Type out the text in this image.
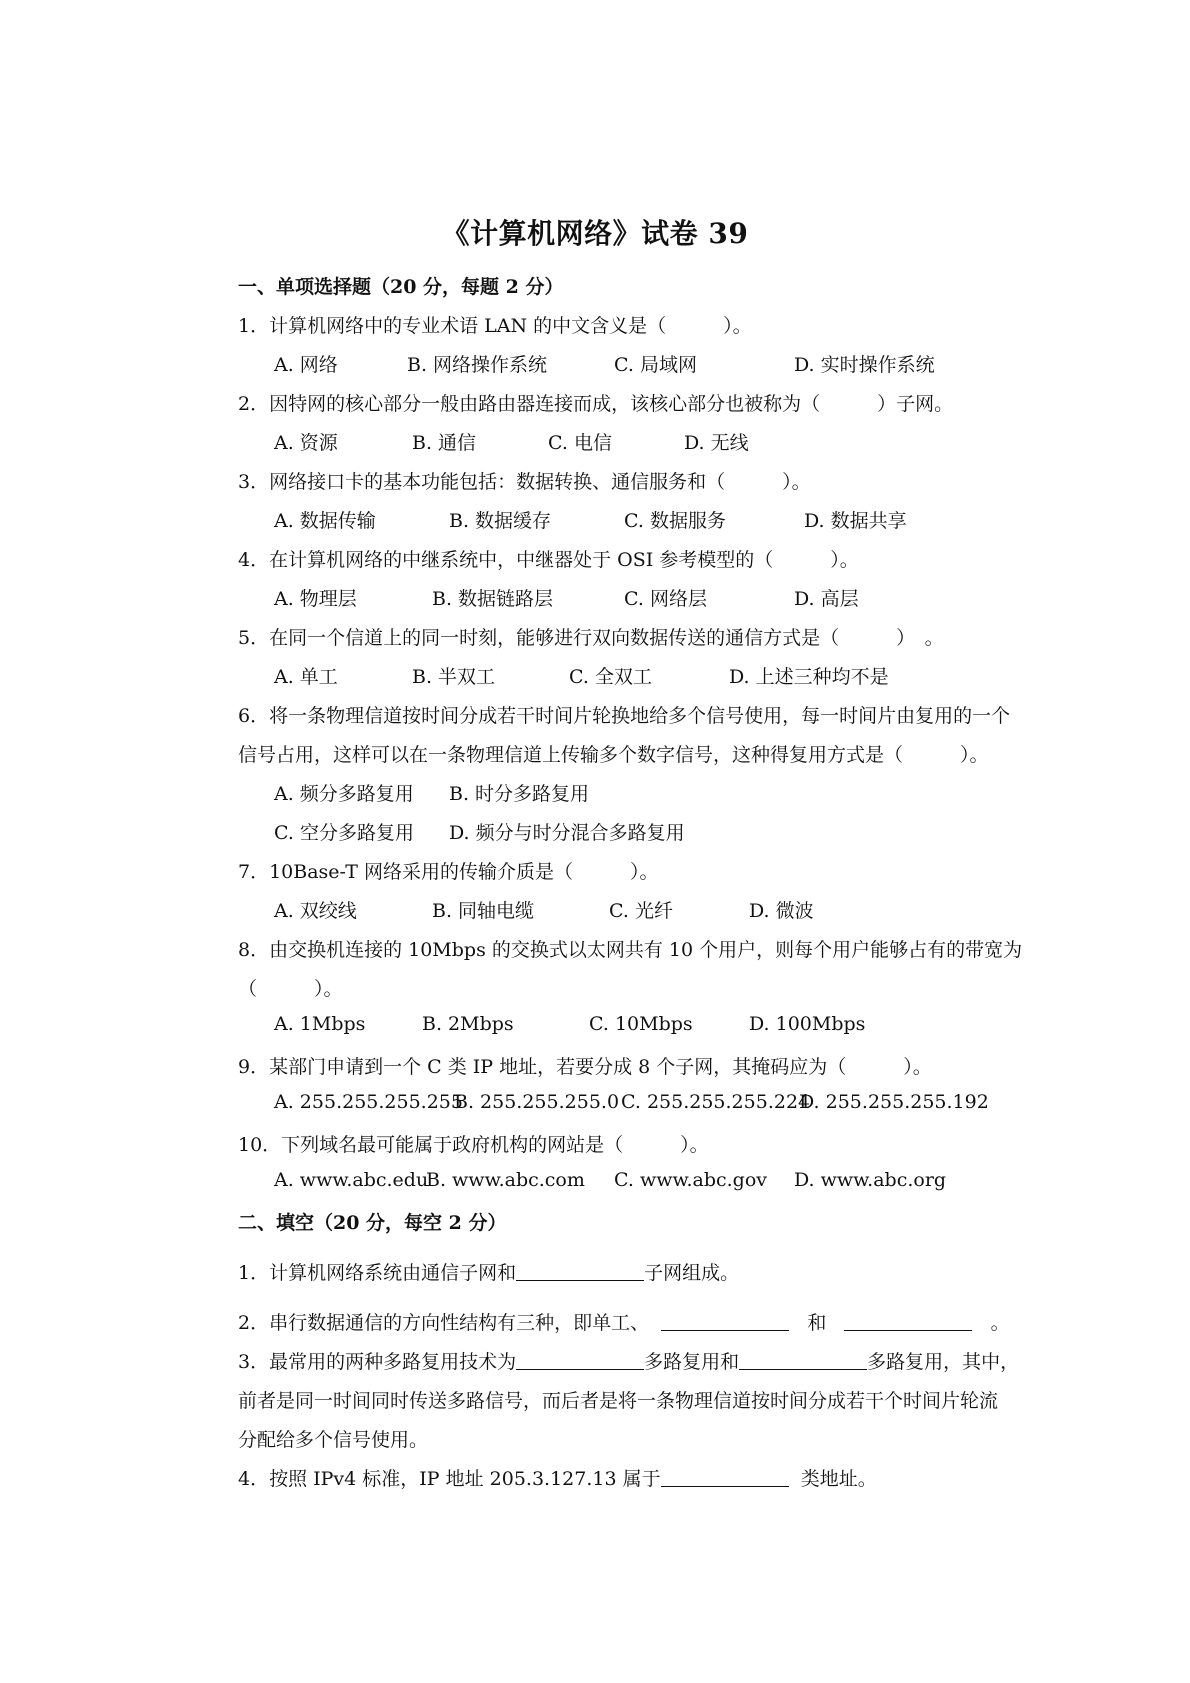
《计算机网络》试卷 39
一、单项选择题（20 分，每题 2 分）
1．计算机网络中的专业术语 LAN 的中文含义是（　　　）。
A. 网络	B. 网络操作系统	C. 局域网	D. 实时操作系统
2．因特网的核心部分一般由路由器连接而成，该核心部分也被称为（　　　）子网。
A. 资源	B. 通信	C. 电信	D. 无线
3．网络接口卡的基本功能包括：数据转换、通信服务和（　　　）。
A. 数据传输	B. 数据缓存	C. 数据服务	D. 数据共享
4．在计算机网络的中继系统中，中继器处于 OSI 参考模型的（　　　）。
A. 物理层	B. 数据链路层	C. 网络层	D. 高层
5．在同一个信道上的同一时刻，能够进行双向数据传送的通信方式是（　　　）　。
A. 单工	B. 半双工	C. 全双工	D. 上述三种均不是
6．将一条物理信道按时间分成若干时间片轮换地给多个信号使用，每一时间片由复用的一个
信号占用，这样可以在一条物理信道上传输多个数字信号，这种得复用方式是（　　　）。
A. 频分多路复用 B. 时分多路复用
C. 空分多路复用 D. 频分与时分混合多路复用
7．10Base-T 网络采用的传输介质是（　　　）。
A. 双绞线	B. 同轴电缆	C. 光纤	D. 微波
8．由交换机连接的 10Mbps 的交换式以太网共有 10 个用户，则每个用户能够占有的带宽为
（　　　）。
A. 1Mbps	B. 2Mbps	C. 10Mbps	D. 100Mbps
9．某部门申请到一个 C 类 IP 地址，若要分成 8 个子网，其掩码应为（　　　）。
A. 255.255.255.255
B. 255.255.255.0 C. 255.255.255.224
D. 255.255.255.192
10．下列域名最可能属于政府机构的网站是（　　　）。
A. www.abc.edu
B. www.abc.com C. www.abc.gov D. www.abc.org
二、填空（20 分，每空 2 分）
1．计算机网络系统由通信子网和	子网组成。
2．串行数据通信的方向性结构有三种，即单工、	和	。
3．最常用的两种多路复用技术为	多路复用和	多路复用，其中，
前者是同一时间同时传送多路信号，而后者是将一条物理信道按时间分成若干个时间片轮流
分配给多个信号使用。
4．按照 IPv4 标准，IP 地址 205.3.127.13 属于	类地址。
